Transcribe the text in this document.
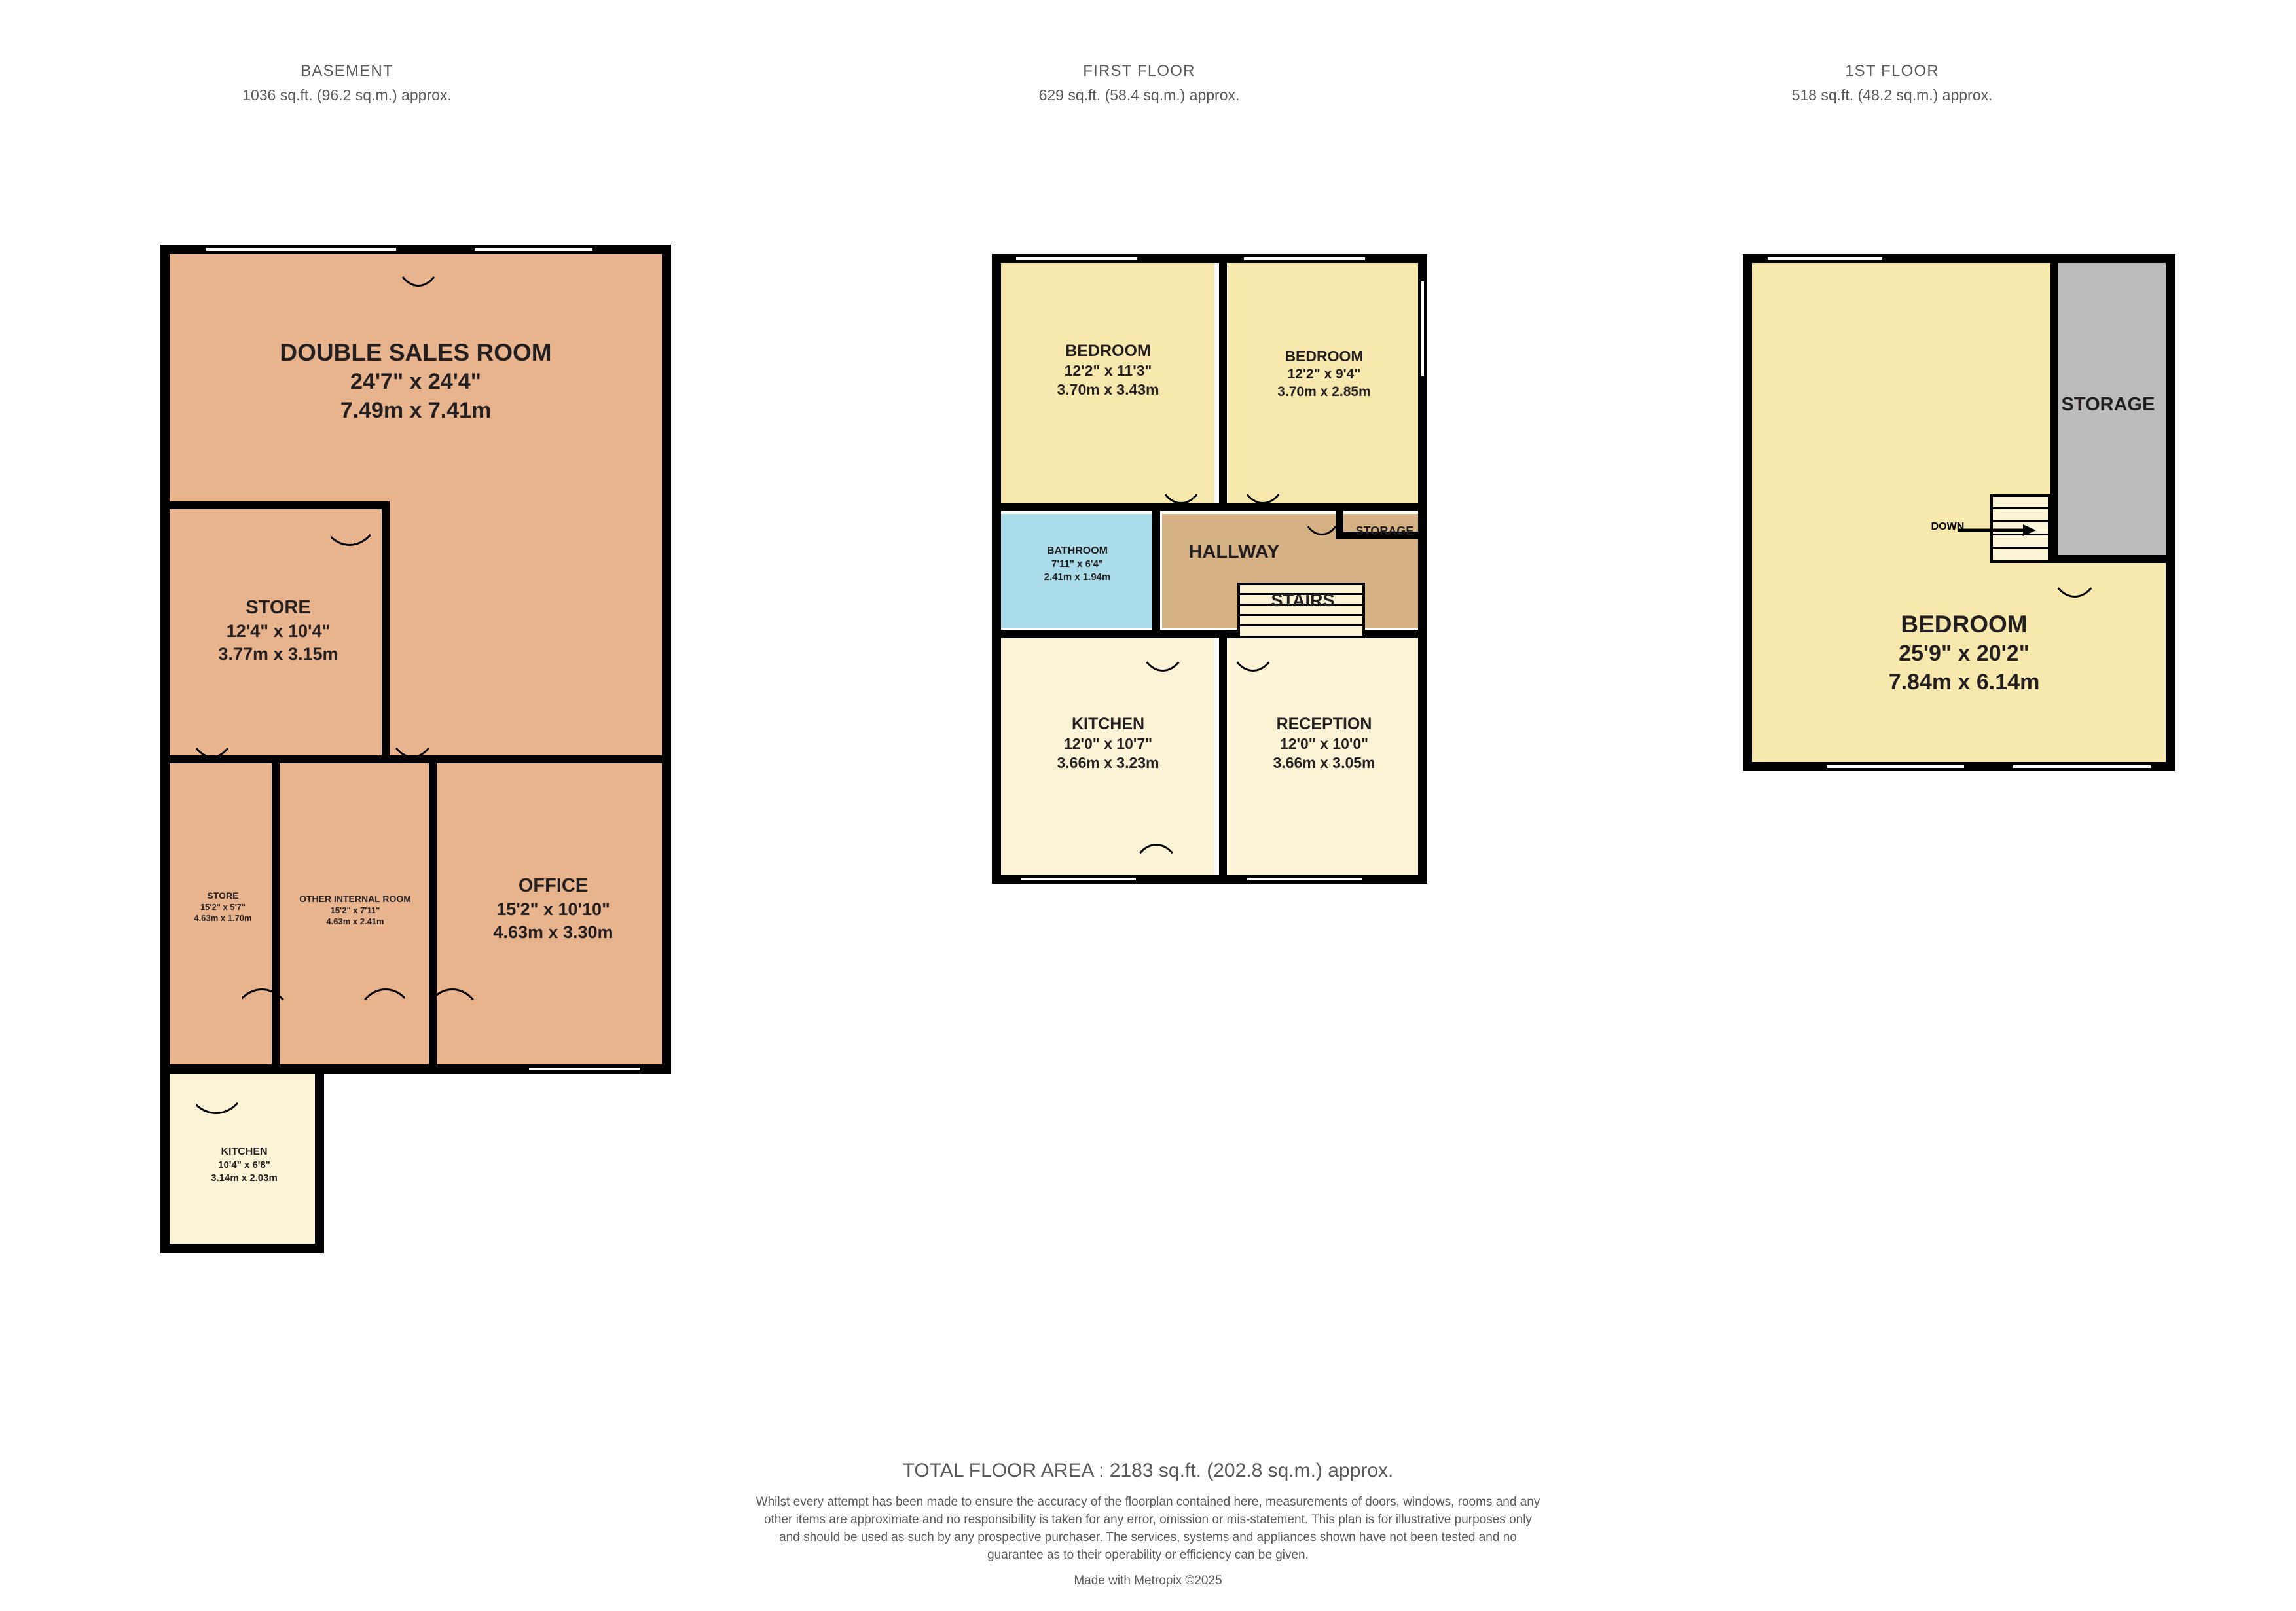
BASEMENT
1036 sq.ft. (96.2 sq.m.) approx.
FIRST FLOOR
629 sq.ft. (58.4 sq.m.) approx.
1ST FLOOR
518 sq.ft. (48.2 sq.m.) approx.
DOUBLE SALES ROOM
24'7" x 24'4"
7.49m x 7.41m
STORE
12'4" x 10'4"
3.77m x 3.15m
OFFICE
15'2" x 10'10"
4.63m x 3.30m
STORE
15'2" x 5'7"
4.63m x 1.70m
OTHER INTERNAL ROOM
15'2" x 7'11"
4.63m x 2.41m
KITCHEN
10'4" x 6'8"
3.14m x 2.03m
BEDROOM
12'2" x 11'3"
3.70m x 3.43m
BEDROOM
12'2" x 9'4"
3.70m x 2.85m
BATHROOM
7'11" x 6'4"
2.41m x 1.94m
HALLWAY
STORAGE
STAIRS
KITCHEN
12'0" x 10'7"
3.66m x 3.23m
RECEPTION
12'0" x 10'0"
3.66m x 3.05m
DOWN
STORAGE
BEDROOM
25'9" x 20'2"
7.84m x 6.14m
TOTAL FLOOR AREA : 2183 sq.ft. (202.8 sq.m.) approx.
Whilst every attempt has been made to ensure the accuracy of the floorplan contained here, measurements of doors, windows, rooms and any other items are approximate and no responsibility is taken for any error, omission or mis-statement. This plan is for illustrative purposes only and should be used as such by any prospective purchaser. The services, systems and appliances shown have not been tested and no guarantee as to their operability or efficiency can be given.
Made with Metropix ©2025
